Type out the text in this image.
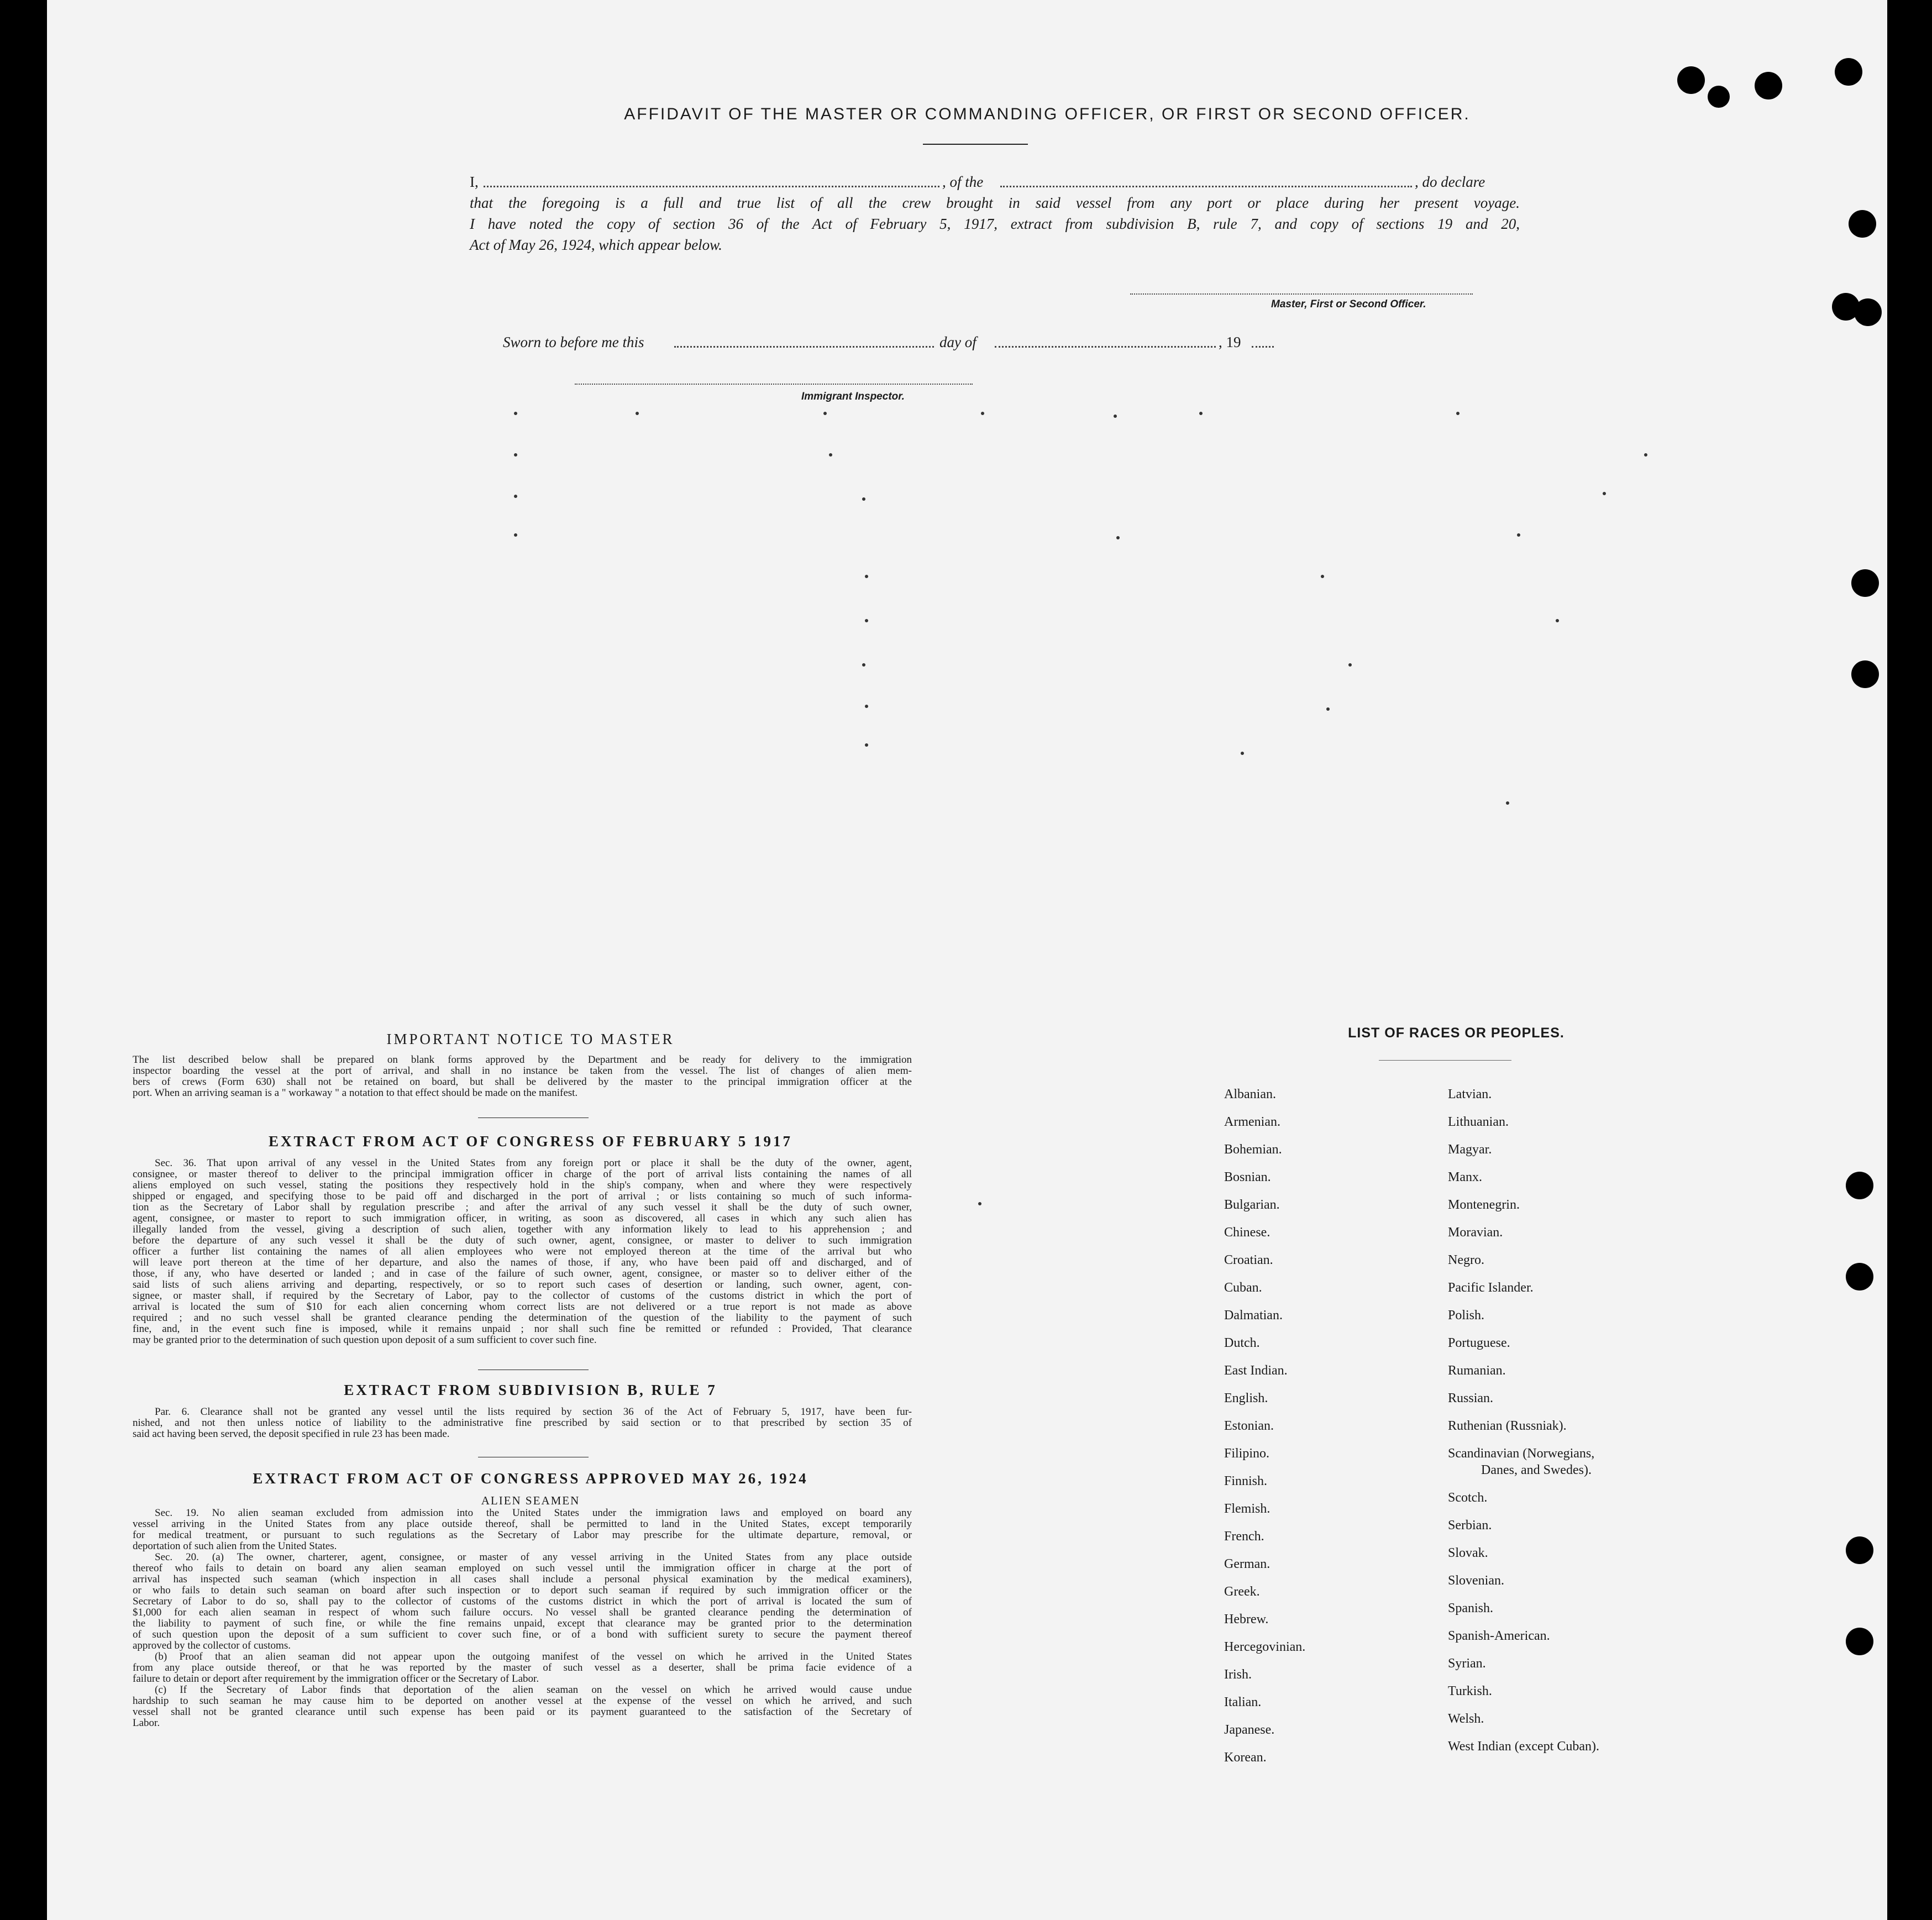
AFFIDAVIT OF THE MASTER OR COMMANDING OFFICER, OR FIRST OR SECOND OFFICER.
I,	, of the	, do declare
that the foregoing is a full and true list of all the crew brought in said vessel from any port or place during her present voyage.
I have noted the copy of section 36 of the Act of February 5, 1917, extract from subdivision B, rule 7, and copy of sections 19 and 20,
Act of May 26, 1924, which appear below.
Master, First or Second Officer.
Sworn to before me this	day of	, 19
Immigrant Inspector.
IMPORTANT NOTICE TO MASTER
The list described below shall be prepared on blank forms approved by the Department and be ready for delivery to the immigration
inspector boarding the vessel at the port of arrival, and shall in no instance be taken from the vessel. The list of changes of alien mem-
bers of crews (Form 630) shall not be retained on board, but shall be delivered by the master to the principal immigration officer at the
port. When an arriving seaman is a " workaway " a notation to that effect should be made on the manifest.
EXTRACT FROM ACT OF CONGRESS OF FEBRUARY 5 1917
Sec. 36. That upon arrival of any vessel in the United States from any foreign port or place it shall be the duty of the owner, agent,
consignee, or master thereof to deliver to the principal immigration officer in charge of the port of arrival lists containing the names of all
aliens employed on such vessel, stating the positions they respectively hold in the ship's company, when and where they were respectively
shipped or engaged, and specifying those to be paid off and discharged in the port of arrival ; or lists containing so much of such informa-
tion as the Secretary of Labor shall by regulation prescribe ; and after the arrival of any such vessel it shall be the duty of such owner,
agent, consignee, or master to report to such immigration officer, in writing, as soon as discovered, all cases in which any such alien has
illegally landed from the vessel, giving a description of such alien, together with any information likely to lead to his apprehension ; and
before the departure of any such vessel it shall be the duty of such owner, agent, consignee, or master to deliver to such immigration
officer a further list containing the names of all alien employees who were not employed thereon at the time of the arrival but who
will leave port thereon at the time of her departure, and also the names of those, if any, who have been paid off and discharged, and of
those, if any, who have deserted or landed ; and in case of the failure of such owner, agent, consignee, or master so to deliver either of the
said lists of such aliens arriving and departing, respectively, or so to report such cases of desertion or landing, such owner, agent, con-
signee, or master shall, if required by the Secretary of Labor, pay to the collector of customs of the customs district in which the port of
arrival is located the sum of $10 for each alien concerning whom correct lists are not delivered or a true report is not made as above
required ; and no such vessel shall be granted clearance pending the determination of the question of the liability to the payment of such
fine, and, in the event such fine is imposed, while it remains unpaid ; nor shall such fine be remitted or refunded : Provided, That clearance
may be granted prior to the determination of such question upon deposit of a sum sufficient to cover such fine.
EXTRACT FROM SUBDIVISION B, RULE 7
Par. 6. Clearance shall not be granted any vessel until the lists required by section 36 of the Act of February 5, 1917, have been fur-
nished, and not then unless notice of liability to the administrative fine prescribed by said section or to that prescribed by section 35 of
said act having been served, the deposit specified in rule 23 has been made.
EXTRACT FROM ACT OF CONGRESS APPROVED MAY 26, 1924
ALIEN SEAMEN
Sec. 19. No alien seaman excluded from admission into the United States under the immigration laws and employed on board any
vessel arriving in the United States from any place outside thereof, shall be permitted to land in the United States, except temporarily
for medical treatment, or pursuant to such regulations as the Secretary of Labor may prescribe for the ultimate departure, removal, or
deportation of such alien from the United States.
Sec. 20. (a) The owner, charterer, agent, consignee, or master of any vessel arriving in the United States from any place outside
thereof who fails to detain on board any alien seaman employed on such vessel until the immigration officer in charge at the port of
arrival has inspected such seaman (which inspection in all cases shall include a personal physical examination by the medical examiners),
or who fails to detain such seaman on board after such inspection or to deport such seaman if required by such immigration officer or the
Secretary of Labor to do so, shall pay to the collector of customs of the customs district in which the port of arrival is located the sum of
$1,000 for each alien seaman in respect of whom such failure occurs. No vessel shall be granted clearance pending the determination of
the liability to payment of such fine, or while the fine remains unpaid, except that clearance may be granted prior to the determination
of such question upon the deposit of a sum sufficient to cover such fine, or of a bond with sufficient surety to secure the payment thereof
approved by the collector of customs.
(b) Proof that an alien seaman did not appear upon the outgoing manifest of the vessel on which he arrived in the United States
from any place outside thereof, or that he was reported by the master of such vessel as a deserter, shall be prima facie evidence of a
failure to detain or deport after requirement by the immigration officer or the Secretary of Labor.
(c) If the Secretary of Labor finds that deportation of the alien seaman on the vessel on which he arrived would cause undue
hardship to such seaman he may cause him to be deported on another vessel at the expense of the vessel on which he arrived, and such
vessel shall not be granted clearance until such expense has been paid or its payment guaranteed to the satisfaction of the Secretary of
Labor.
LIST OF RACES OR PEOPLES.
Albanian.
Armenian.
Bohemian.
Bosnian.
Bulgarian.
Chinese.
Croatian.
Cuban.
Dalmatian.
Dutch.
East Indian.
English.
Estonian.
Filipino.
Finnish.
Flemish.
French.
German.
Greek.
Hebrew.
Hercegovinian.
Irish.
Italian.
Japanese.
Korean.
Latvian.
Lithuanian.
Magyar.
Manx.
Montenegrin.
Moravian.
Negro.
Pacific Islander.
Polish.
Portuguese.
Rumanian.
Russian.
Ruthenian (Russniak).
Scandinavian (Norwegians,
Danes, and Swedes).
Scotch.
Serbian.
Slovak.
Slovenian.
Spanish.
Spanish-American.
Syrian.
Turkish.
Welsh.
West Indian (except Cuban).
